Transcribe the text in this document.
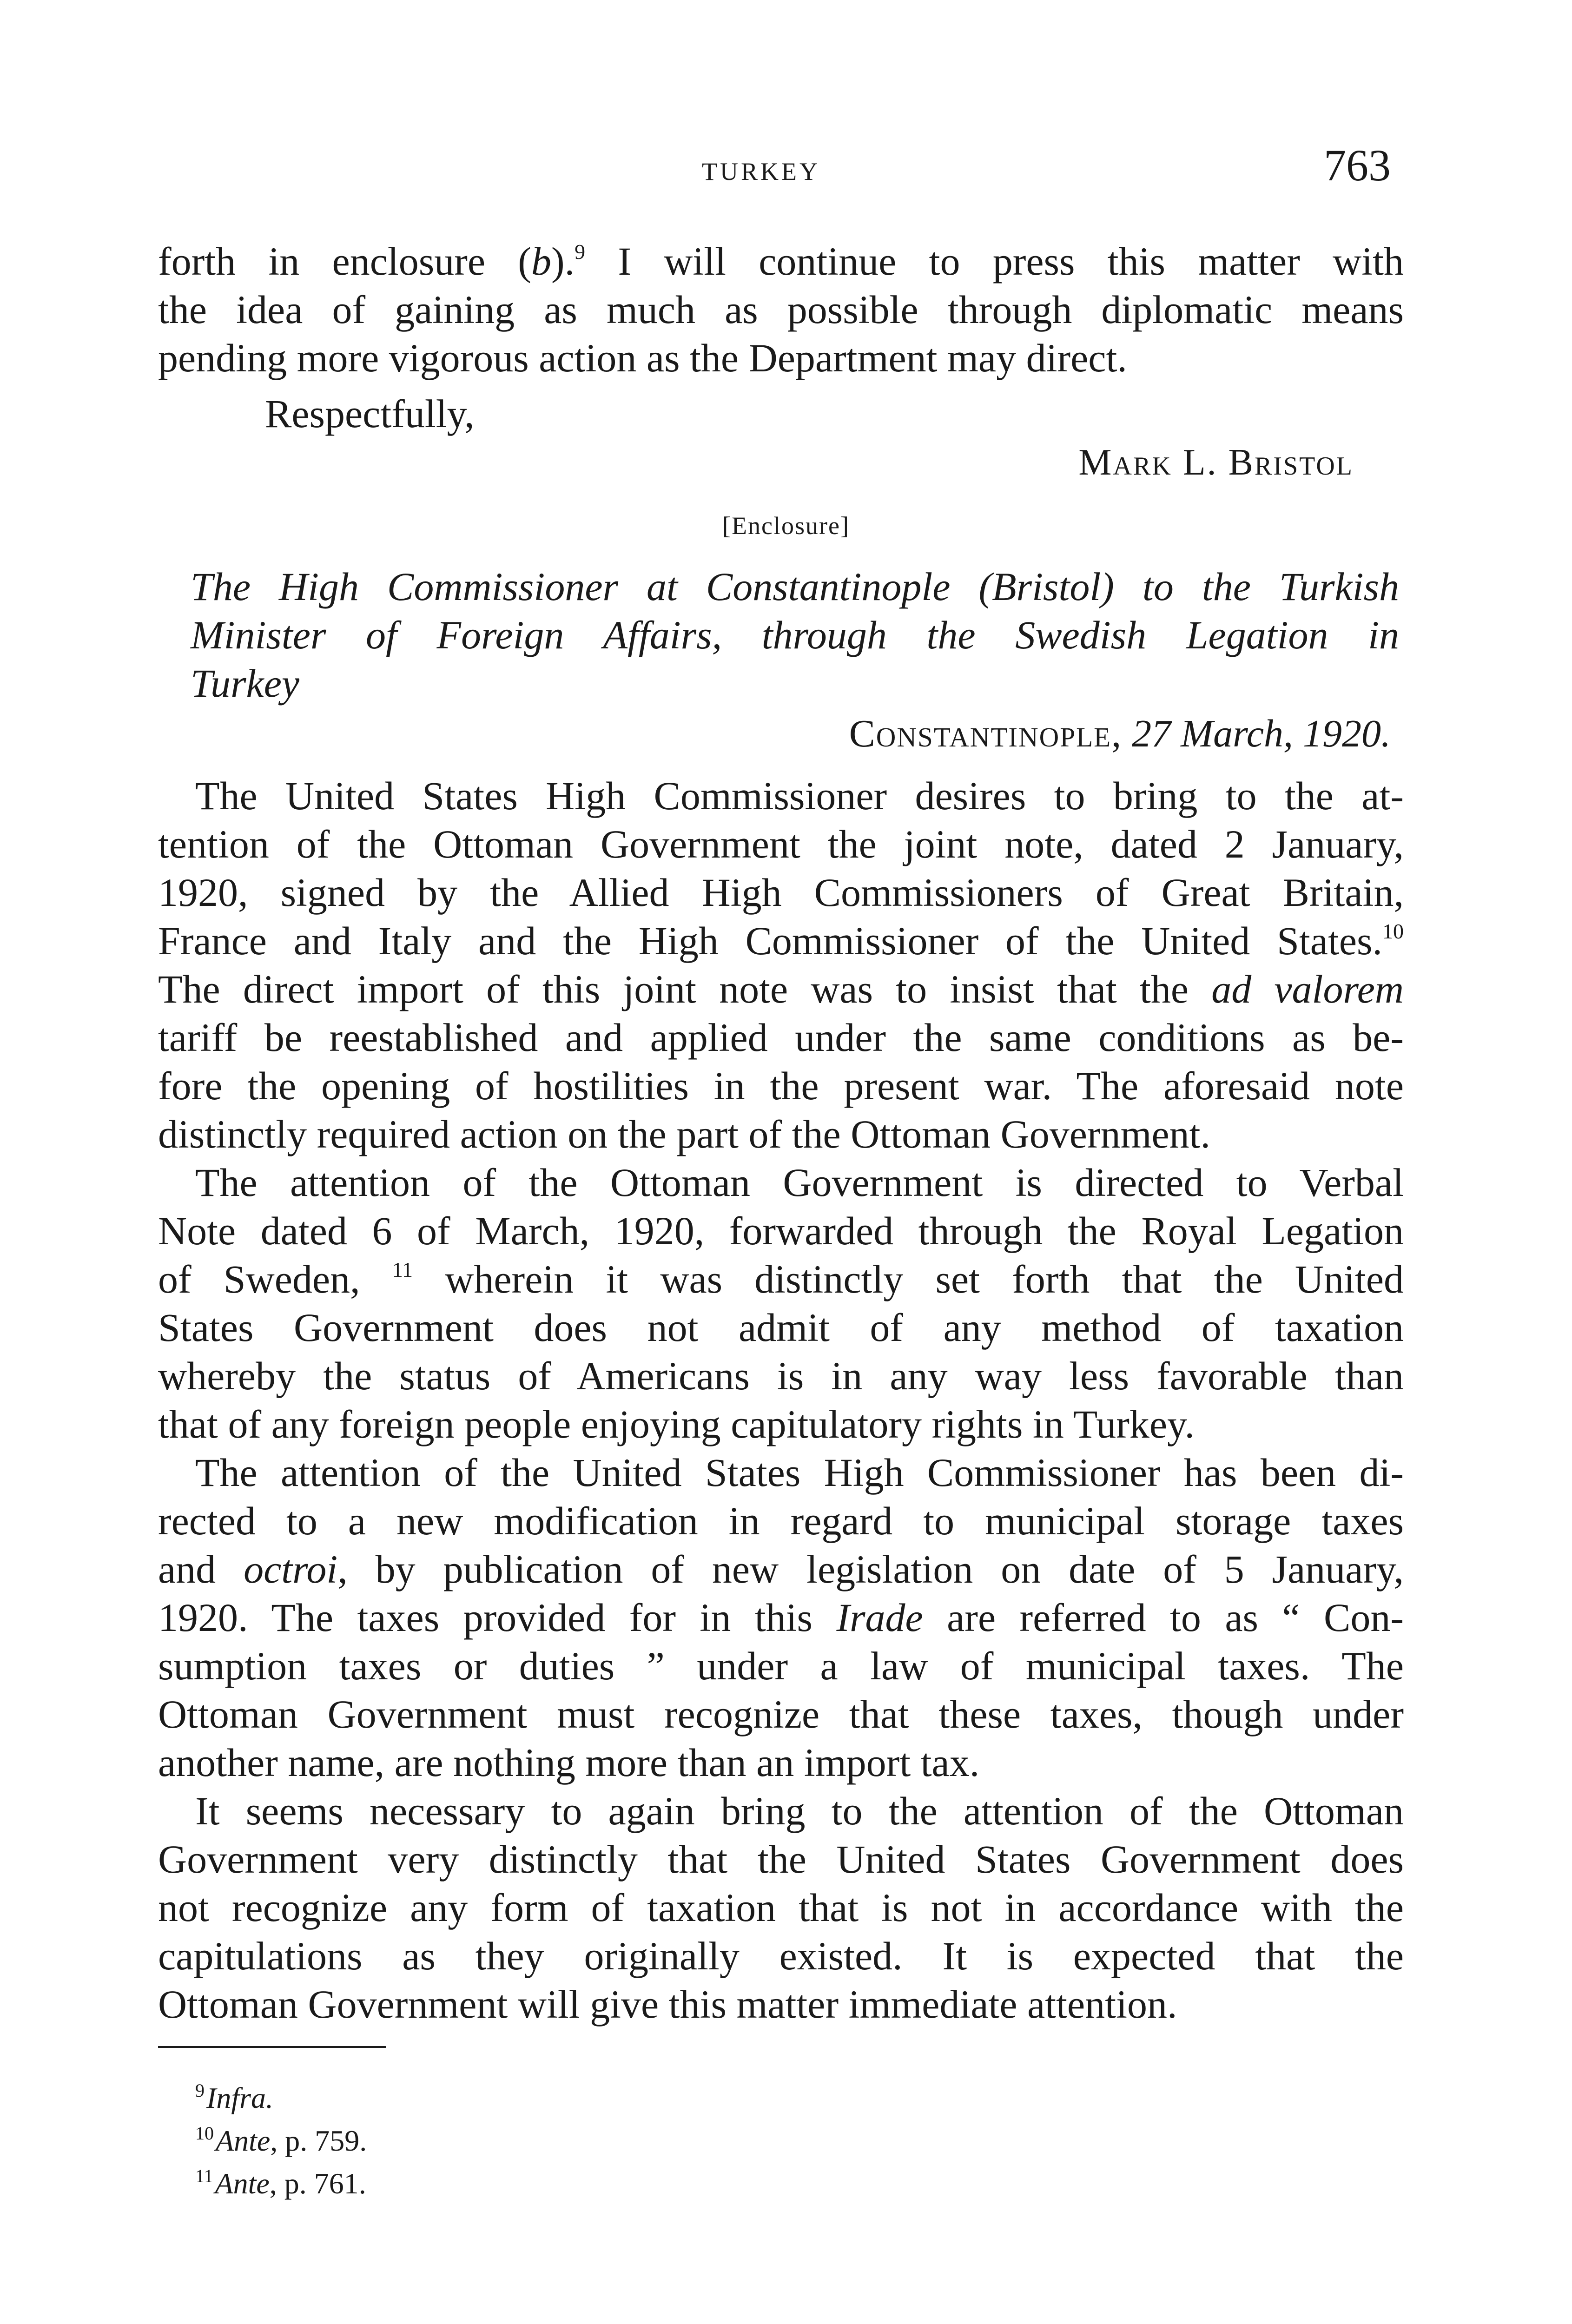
TURKEY	763
forth in enclosure (b).$^9$ I will continue to press this matter with
the idea of gaining as much as possible through diplomatic means
pending more vigorous action as the Department may direct.
Respectfully,
Mark L. Bristol
[Enclosure]
The High Commissioner at Constantinople (Bristol) to the Turkish
Minister of Foreign Affairs, through the Swedish Legation in
Turkey
Constantinople, 27 March, 1920.
The United States High Commissioner desires to bring to the at-
tention of the Ottoman Government the joint note, dated 2 January,
1920, signed by the Allied High Commissioners of Great Britain,
France and Italy and the High Commissioner of the United States.$^{10}$
The direct import of this joint note was to insist that the ad valorem
tariff be reestablished and applied under the same conditions as be-
fore the opening of hostilities in the present war. The aforesaid note
distinctly required action on the part of the Ottoman Government.
The attention of the Ottoman Government is directed to Verbal
Note dated 6 of March, 1920, forwarded through the Royal Legation
of Sweden, $^{11}$ wherein it was distinctly set forth that the United
States Government does not admit of any method of taxation
whereby the status of Americans is in any way less favorable than
that of any foreign people enjoying capitulatory rights in Turkey.
The attention of the United States High Commissioner has been di-
rected to a new modification in regard to municipal storage taxes
and octroi, by publication of new legislation on date of 5 January,
1920. The taxes provided for in this Irade are referred to as “ Con-
sumption taxes or duties ” under a law of municipal taxes. The
Ottoman Government must recognize that these taxes, though under
another name, are nothing more than an import tax.
It seems necessary to again bring to the attention of the Ottoman
Government very distinctly that the United States Government does
not recognize any form of taxation that is not in accordance with the
capitulations as they originally existed. It is expected that the
Ottoman Government will give this matter immediate attention.
$^9$Infra.
$^{10}$Ante, p. 759.
$^{11}$Ante, p. 761.
